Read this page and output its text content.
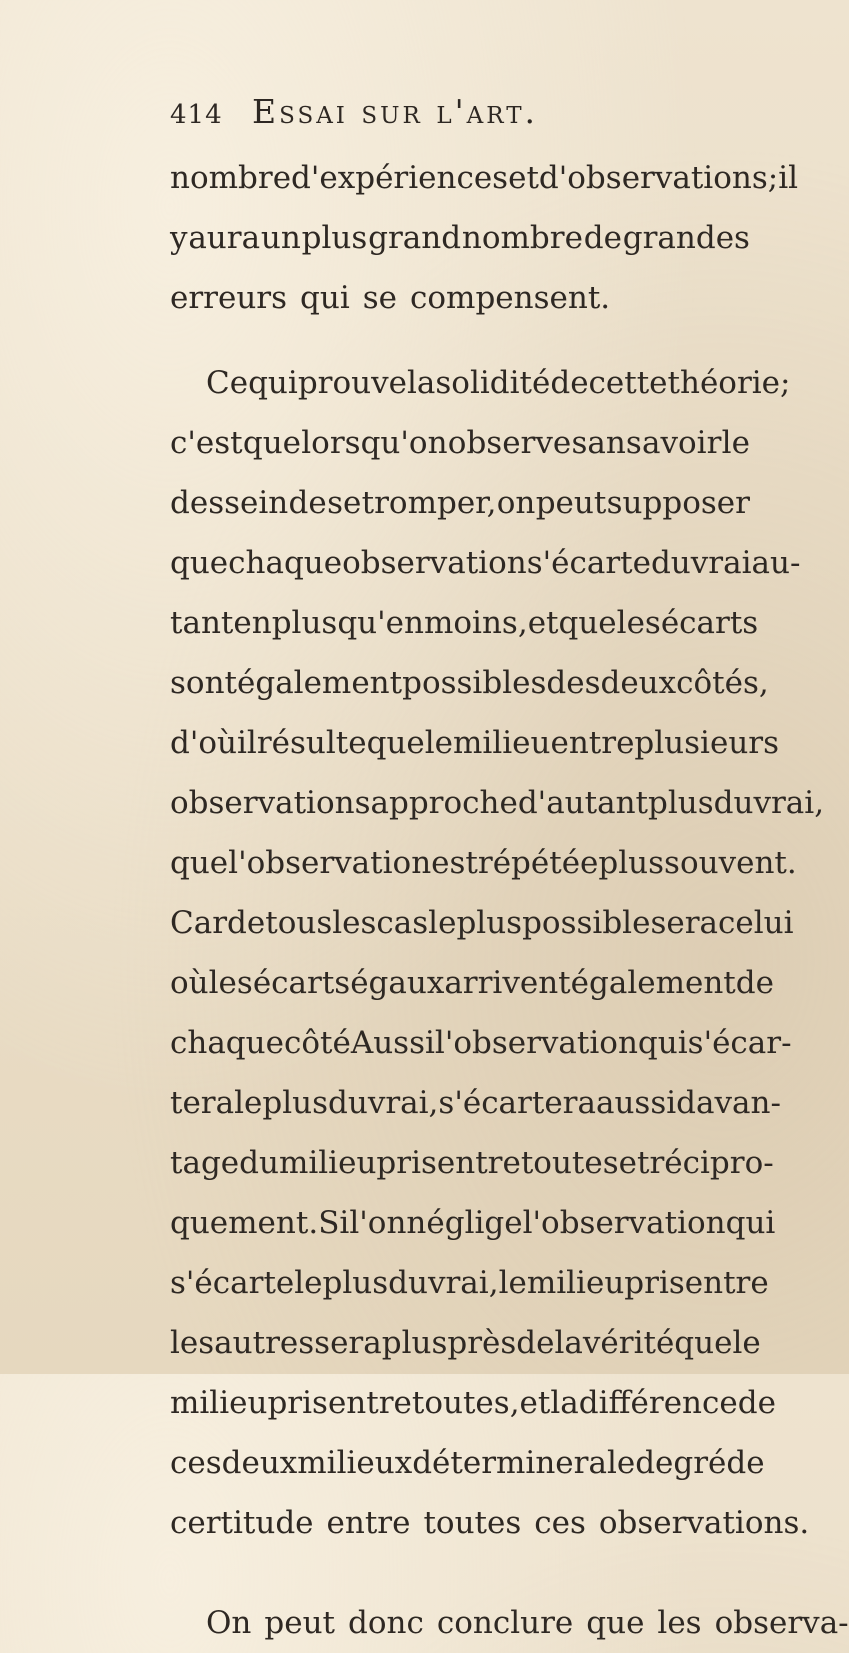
414 Essai sur l'art.
nombre d'expériences et d'observations ; il
y aura un plus grand nombre de grandes
erreurs qui se compensent.
Ce qui prouve la solidité de cette théorie ;
c'est que lorsqu'on observe sans avoir le
dessein de se tromper, on peut supposer
que chaque observation s'écarte du vrai au-
tant en plus qu'en moins, et que les écarts
sont également possibles des deux côtés,
d'où il résulte que le milieu entre plusieurs
observations approche d'autant plus du vrai,
que l'observation est répétée plus souvent.
Car de tous les cas le plus possible sera celui
où les écarts égaux arrivent également de
chaque côté Aussi l'observation qui s'écar-
tera le plus du vrai, s'écartera aussi davan-
tage du milieu pris entre toutes et récipro-
quement. Si l'on néglige l'observation qui
s'écarte le plus du vrai, le milieu pris entre
les autres sera plus près de la vérité que le
milieu pris entre toutes, et la différence de
ces deux milieux déterminera le degré de
certitude entre toutes ces observations.
On peut donc conclure que les observa-
